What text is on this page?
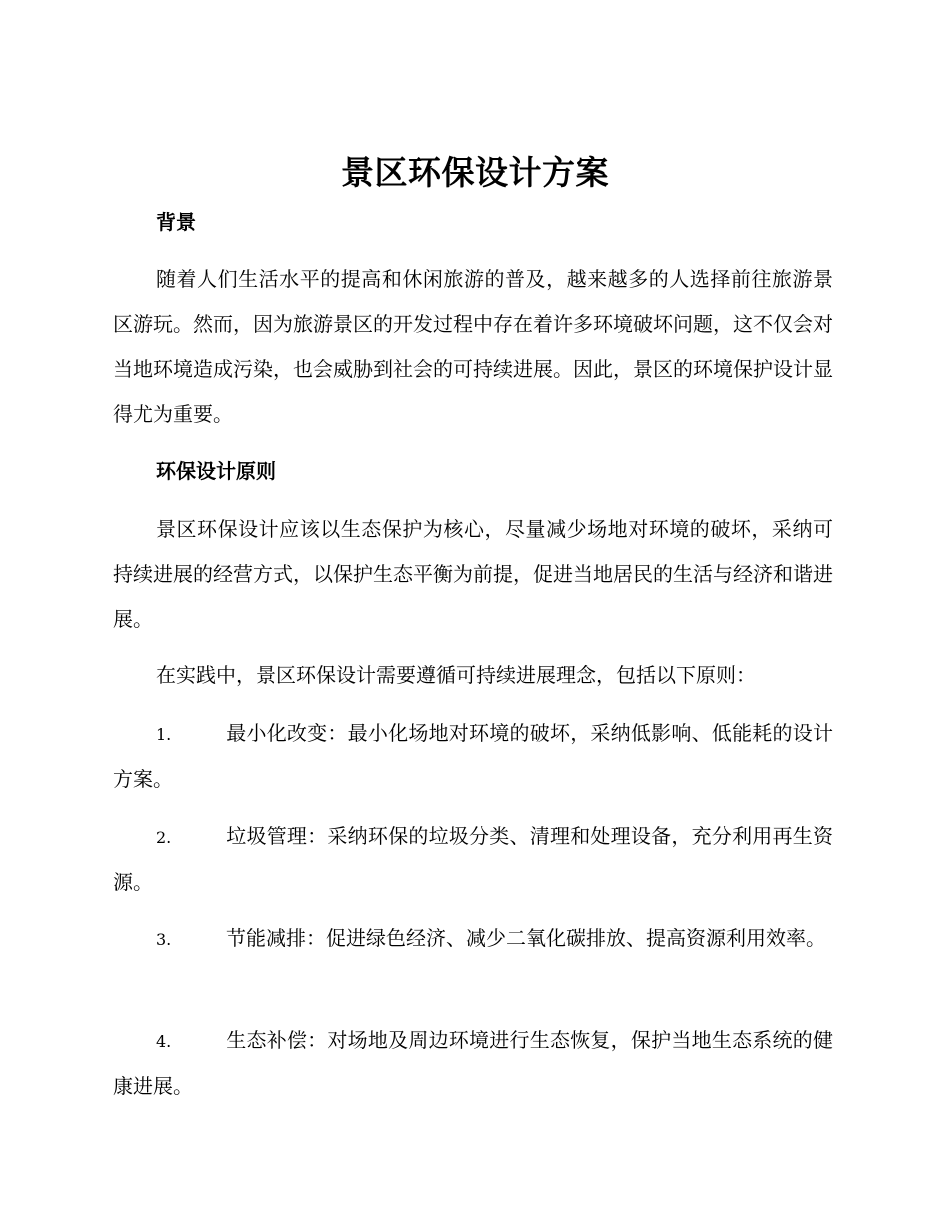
景区环保设计方案
背景
随着人们生活水平的提高和休闲旅游的普及，越来越多的人选择前往旅游景区游玩。然而，因为旅游景区的开发过程中存在着许多环境破坏问题，这不仅会对当地环境造成污染，也会威胁到社会的可持续进展。因此，景区的环境保护设计显得尤为重要。
环保设计原则
景区环保设计应该以生态保护为核心，尽量减少场地对环境的破坏，采纳可持续进展的经营方式，以保护生态平衡为前提，促进当地居民的生活与经济和谐进展。
在实践中，景区环保设计需要遵循可持续进展理念，包括以下原则：
1.	最小化改变：最小化场地对环境的破坏，采纳低影响、低能耗的设计方案。
2.	垃圾管理：采纳环保的垃圾分类、清理和处理设备，充分利用再生资源。
3.	节能减排：促进绿色经济、减少二氧化碳排放、提高资源利用效率。
4.	生态补偿：对场地及周边环境进行生态恢复，保护当地生态系统的健康进展。
